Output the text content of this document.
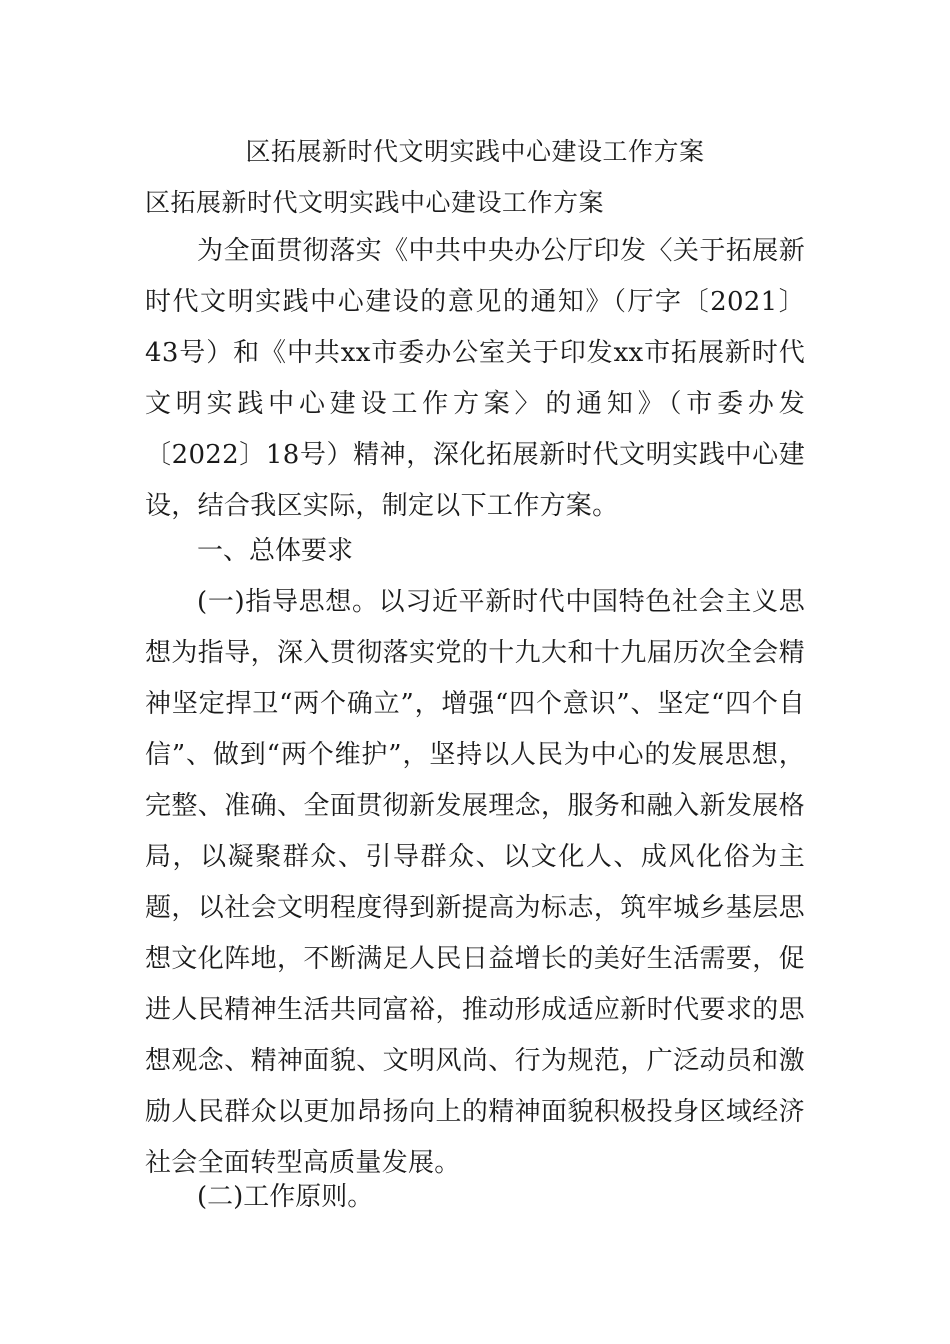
区拓展新时代文明实践中心建设工作方案
区拓展新时代文明实践中心建设工作方案

为全面贯彻落实《中共中央办公厅印发〈关于拓展新时代文明实践中心建设的意见的通知》（厅字〔2021〕43号）和《中共xx市委办公室关于印发xx市拓展新时代文明实践中心建设工作方案〉的通知》（市委办发〔2022〕18号）精神，深化拓展新时代文明实践中心建设，结合我区实际，制定以下工作方案。

一、总体要求

(一)指导思想。以习近平新时代中国特色社会主义思想为指导，深入贯彻落实党的十九大和十九届历次全会精神坚定捍卫“两个确立”，增强“四个意识”、坚定“四个自信”、做到“两个维护”，坚持以人民为中心的发展思想，完整、准确、全面贯彻新发展理念，服务和融入新发展格局，以凝聚群众、引导群众、以文化人、成风化俗为主题，以社会文明程度得到新提高为标志，筑牢城乡基层思想文化阵地，不断满足人民日益增长的美好生活需要，促进人民精神生活共同富裕，推动形成适应新时代要求的思想观念、精神面貌、文明风尚、行为规范，广泛动员和激励人民群众以更加昂扬向上的精神面貌积极投身区域经济社会全面转型高质量发展。

(二)工作原则。
